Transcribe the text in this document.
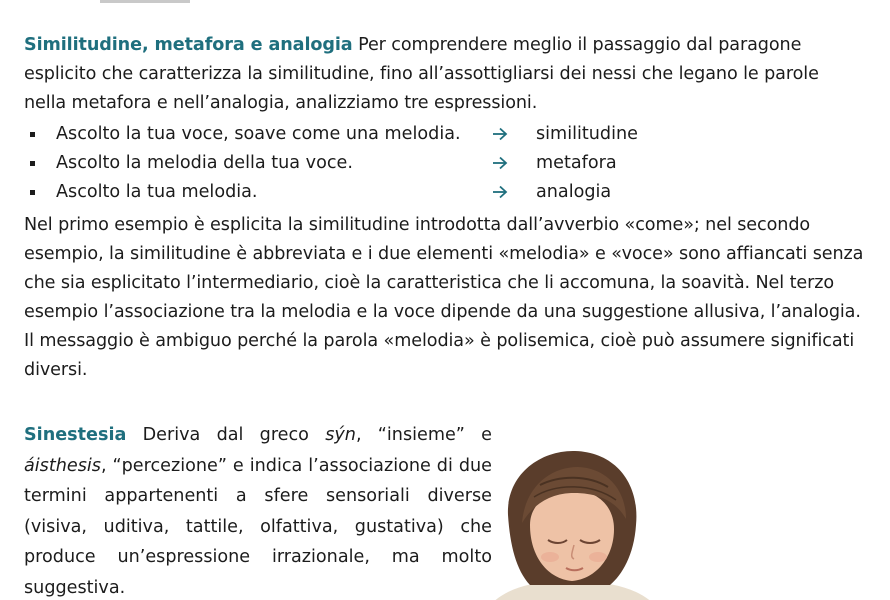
Similitudine, metafora e analogia Per comprendere meglio il passaggio dal paragone esplicito che caratterizza la similitudine, fino all’assottigliarsi dei nessi che legano le parole nella metafora e nell’analogia, analizziamo tre espressioni.

Ascolto la tua voce, soave come una melodia.	similitudine
Ascolto la melodia della tua voce.	metafora
Ascolto la tua melodia.	analogia

Nel primo esempio è esplicita la similitudine introdotta dall’avverbio «come»; nel secondo esempio, la similitudine è abbreviata e i due elementi «melodia» e «voce» sono affiancati senza che sia esplicitato l’intermediario, cioè la caratteristica che li accomuna, la soavità. Nel terzo esempio l’associazione tra la melodia e la voce dipende da una suggestione allusiva, l’analogia. Il messaggio è ambiguo perché la parola «melodia» è polisemica, cioè può assumere significati diversi.

Sinestesia Deriva dal greco sýn, “insieme” e áisthesis, “percezione” e indica l’associazione di due termini appartenenti a sfere sensoriali diverse (visiva, uditiva, tattile, olfattiva, gustativa) che produce un’espressione irrazionale, ma molto suggestiva.
